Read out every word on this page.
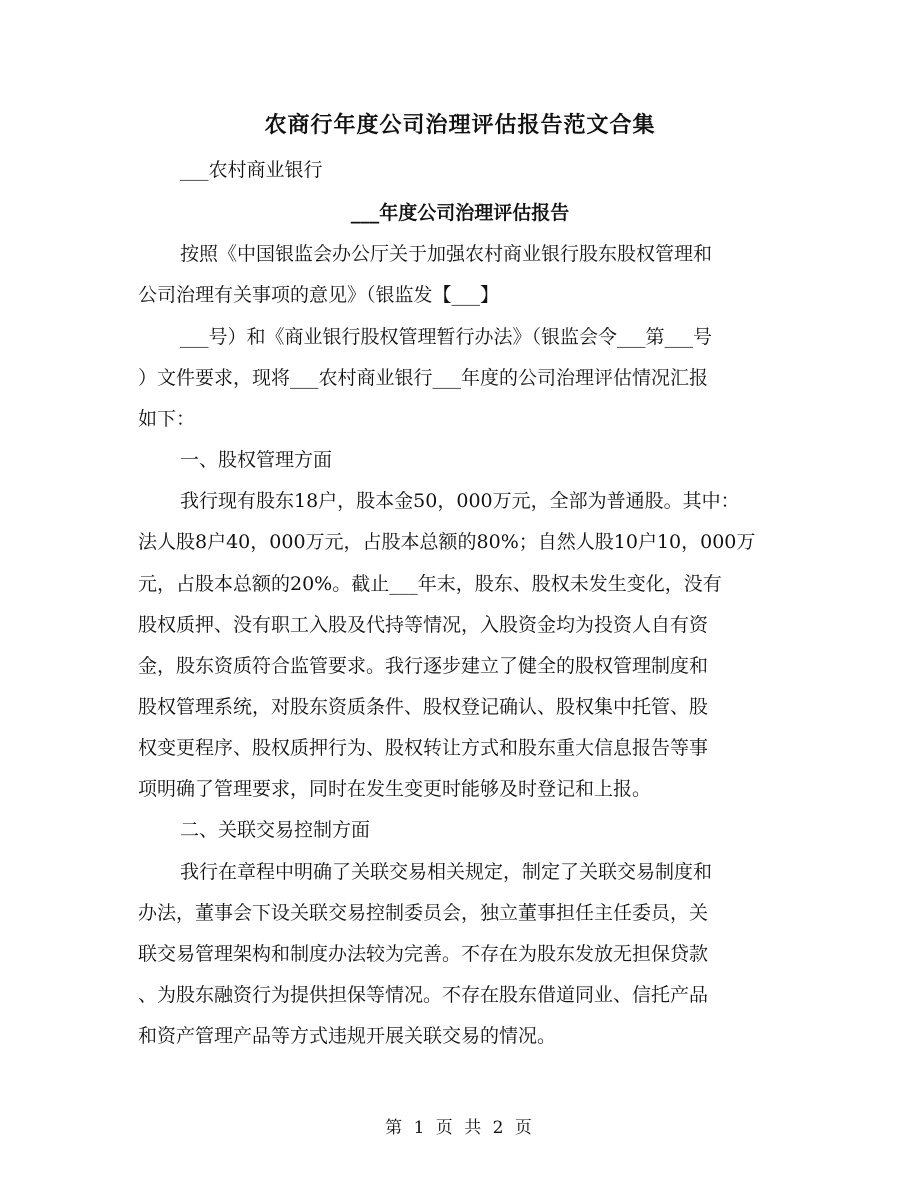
农商行年度公司治理评估报告范文合集
___农村商业银行
___年度公司治理评估报告
按照《中国银监会办公厅关于加强农村商业银行股东股权管理和
公司治理有关事项的意见》（银监发【___】
___号）和《商业银行股权管理暂行办法》（银监会令___第___号
）文件要求，现将___农村商业银行___年度的公司治理评估情况汇报
如下：
一、股权管理方面
我行现有股东18户，股本金50，000万元，全部为普通股。其中：
法人股8户40，000万元，占股本总额的80%；自然人股10户10，000万
元，占股本总额的20%。截止___年末，股东、股权未发生变化，没有
股权质押、没有职工入股及代持等情况，入股资金均为投资人自有资
金，股东资质符合监管要求。我行逐步建立了健全的股权管理制度和
股权管理系统，对股东资质条件、股权登记确认、股权集中托管、股
权变更程序、股权质押行为、股权转让方式和股东重大信息报告等事
项明确了管理要求，同时在发生变更时能够及时登记和上报。
二、关联交易控制方面
我行在章程中明确了关联交易相关规定，制定了关联交易制度和
办法，董事会下设关联交易控制委员会，独立董事担任主任委员，关
联交易管理架构和制度办法较为完善。不存在为股东发放无担保贷款
、为股东融资行为提供担保等情况。不存在股东借道同业、信托产品
和资产管理产品等方式违规开展关联交易的情况。
第 1 页 共 2 页
